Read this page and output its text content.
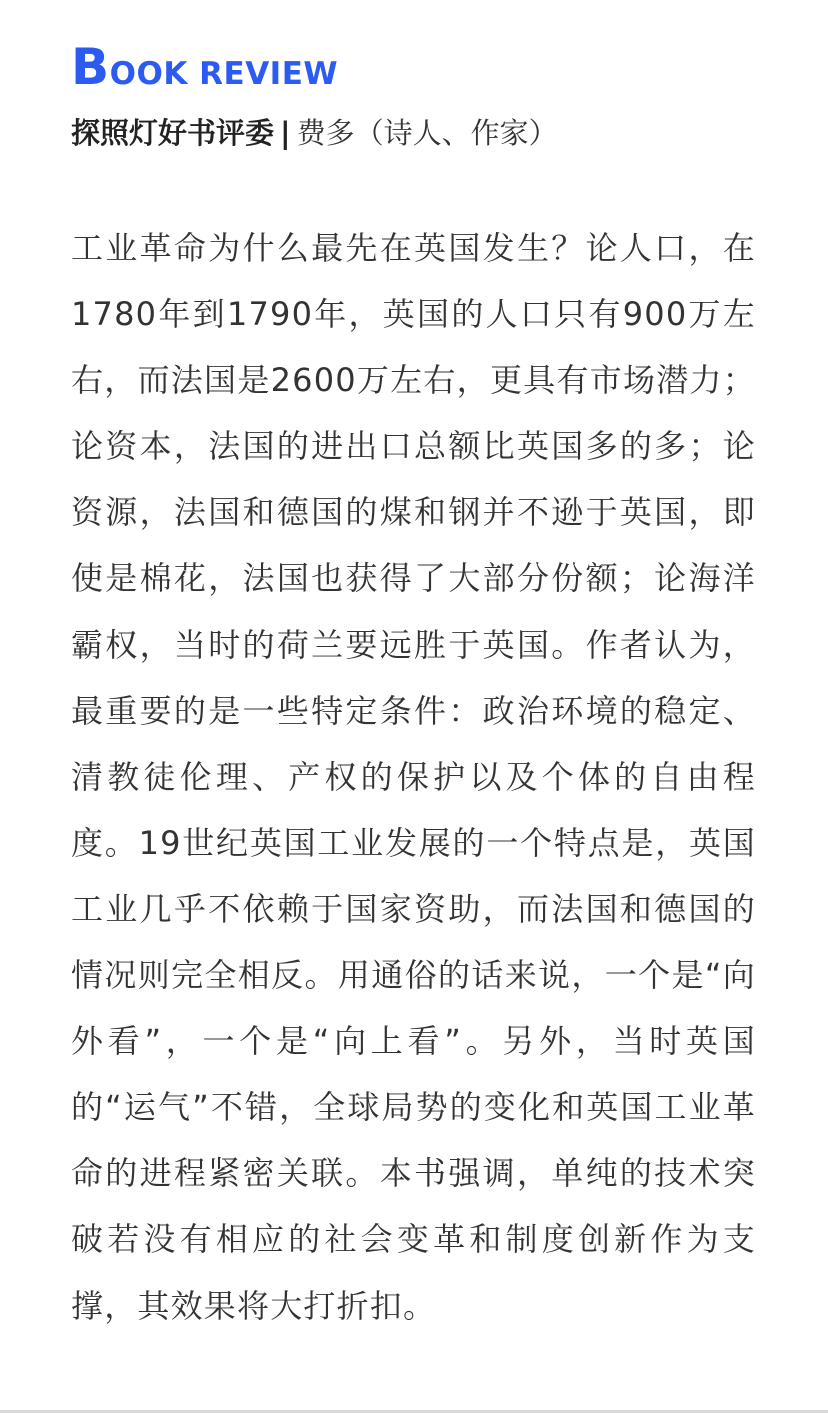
BOOK REVIEW
探照灯好书评委 | 费多（诗人、作家）
工业革命为什么最先在英国发生？论人口，在1780年到1790年，英国的人口只有900万左右，而法国是2600万左右，更具有市场潜力；论资本，法国的进出口总额比英国多的多；论资源，法国和德国的煤和钢并不逊于英国，即使是棉花，法国也获得了大部分份额；论海洋霸权，当时的荷兰要远胜于英国。作者认为，最重要的是一些特定条件：政治环境的稳定、清教徒伦理、产权的保护以及个体的自由程度。19世纪英国工业发展的一个特点是，英国工业几乎不依赖于国家资助，而法国和德国的情况则完全相反。用通俗的话来说，一个是“向外看”，一个是“向上看”。另外，当时英国的“运气”不错，全球局势的变化和英国工业革命的进程紧密关联。本书强调，单纯的技术突破若没有相应的社会变革和制度创新作为支撑，其效果将大打折扣。
